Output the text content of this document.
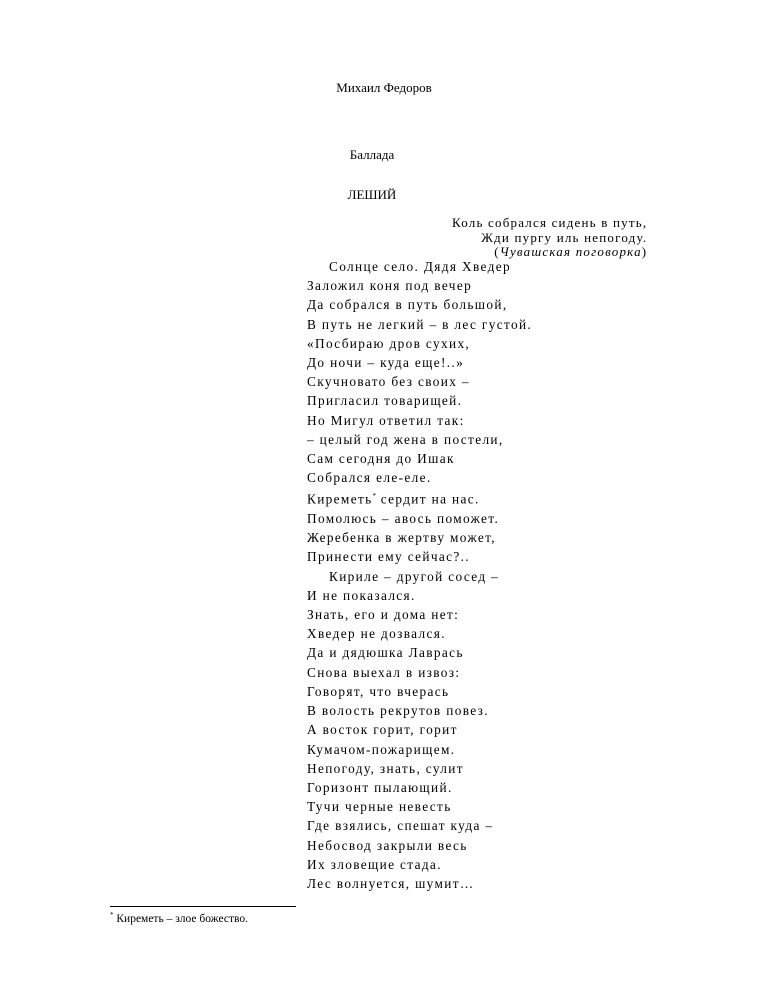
Михаил Федоров
Баллада
ЛЕШИЙ
Коль собрался сидень в путь,
Жди пургу иль непогоду.
(Чувашская поговорка)
Солнце село. Дядя Хведер
Заложил коня под вечер
Да собрался в путь большой,
В путь не легкий – в лес густой.
«Посбираю дров сухих,
До ночи – куда еще!..»
Скучновато без своих –
Пригласил товарищей.
Но Мигул ответил так:
– целый год жена в постели,
Сам сегодня до Ишак
Собрался еле-еле.
Киреметь* сердит на нас.
Помолюсь – авось поможет.
Жеребенка в жертву может,
Принести ему сейчас?..
Кириле – другой сосед –
И не показался.
Знать, его и дома нет:
Хведер не дозвался.
Да и дядюшка Лаврась
Снова выехал в извоз:
Говорят, что вчерась
В волость рекрутов повез.
А восток горит, горит
Кумачом-пожарищем.
Непогоду, знать, сулит
Горизонт пылающий.
Тучи черные невесть
Где взялись, спешат куда –
Небосвод закрыли весь
Их зловещие стада.
Лес волнуется, шумит…
* Киреметь – злое божество.
